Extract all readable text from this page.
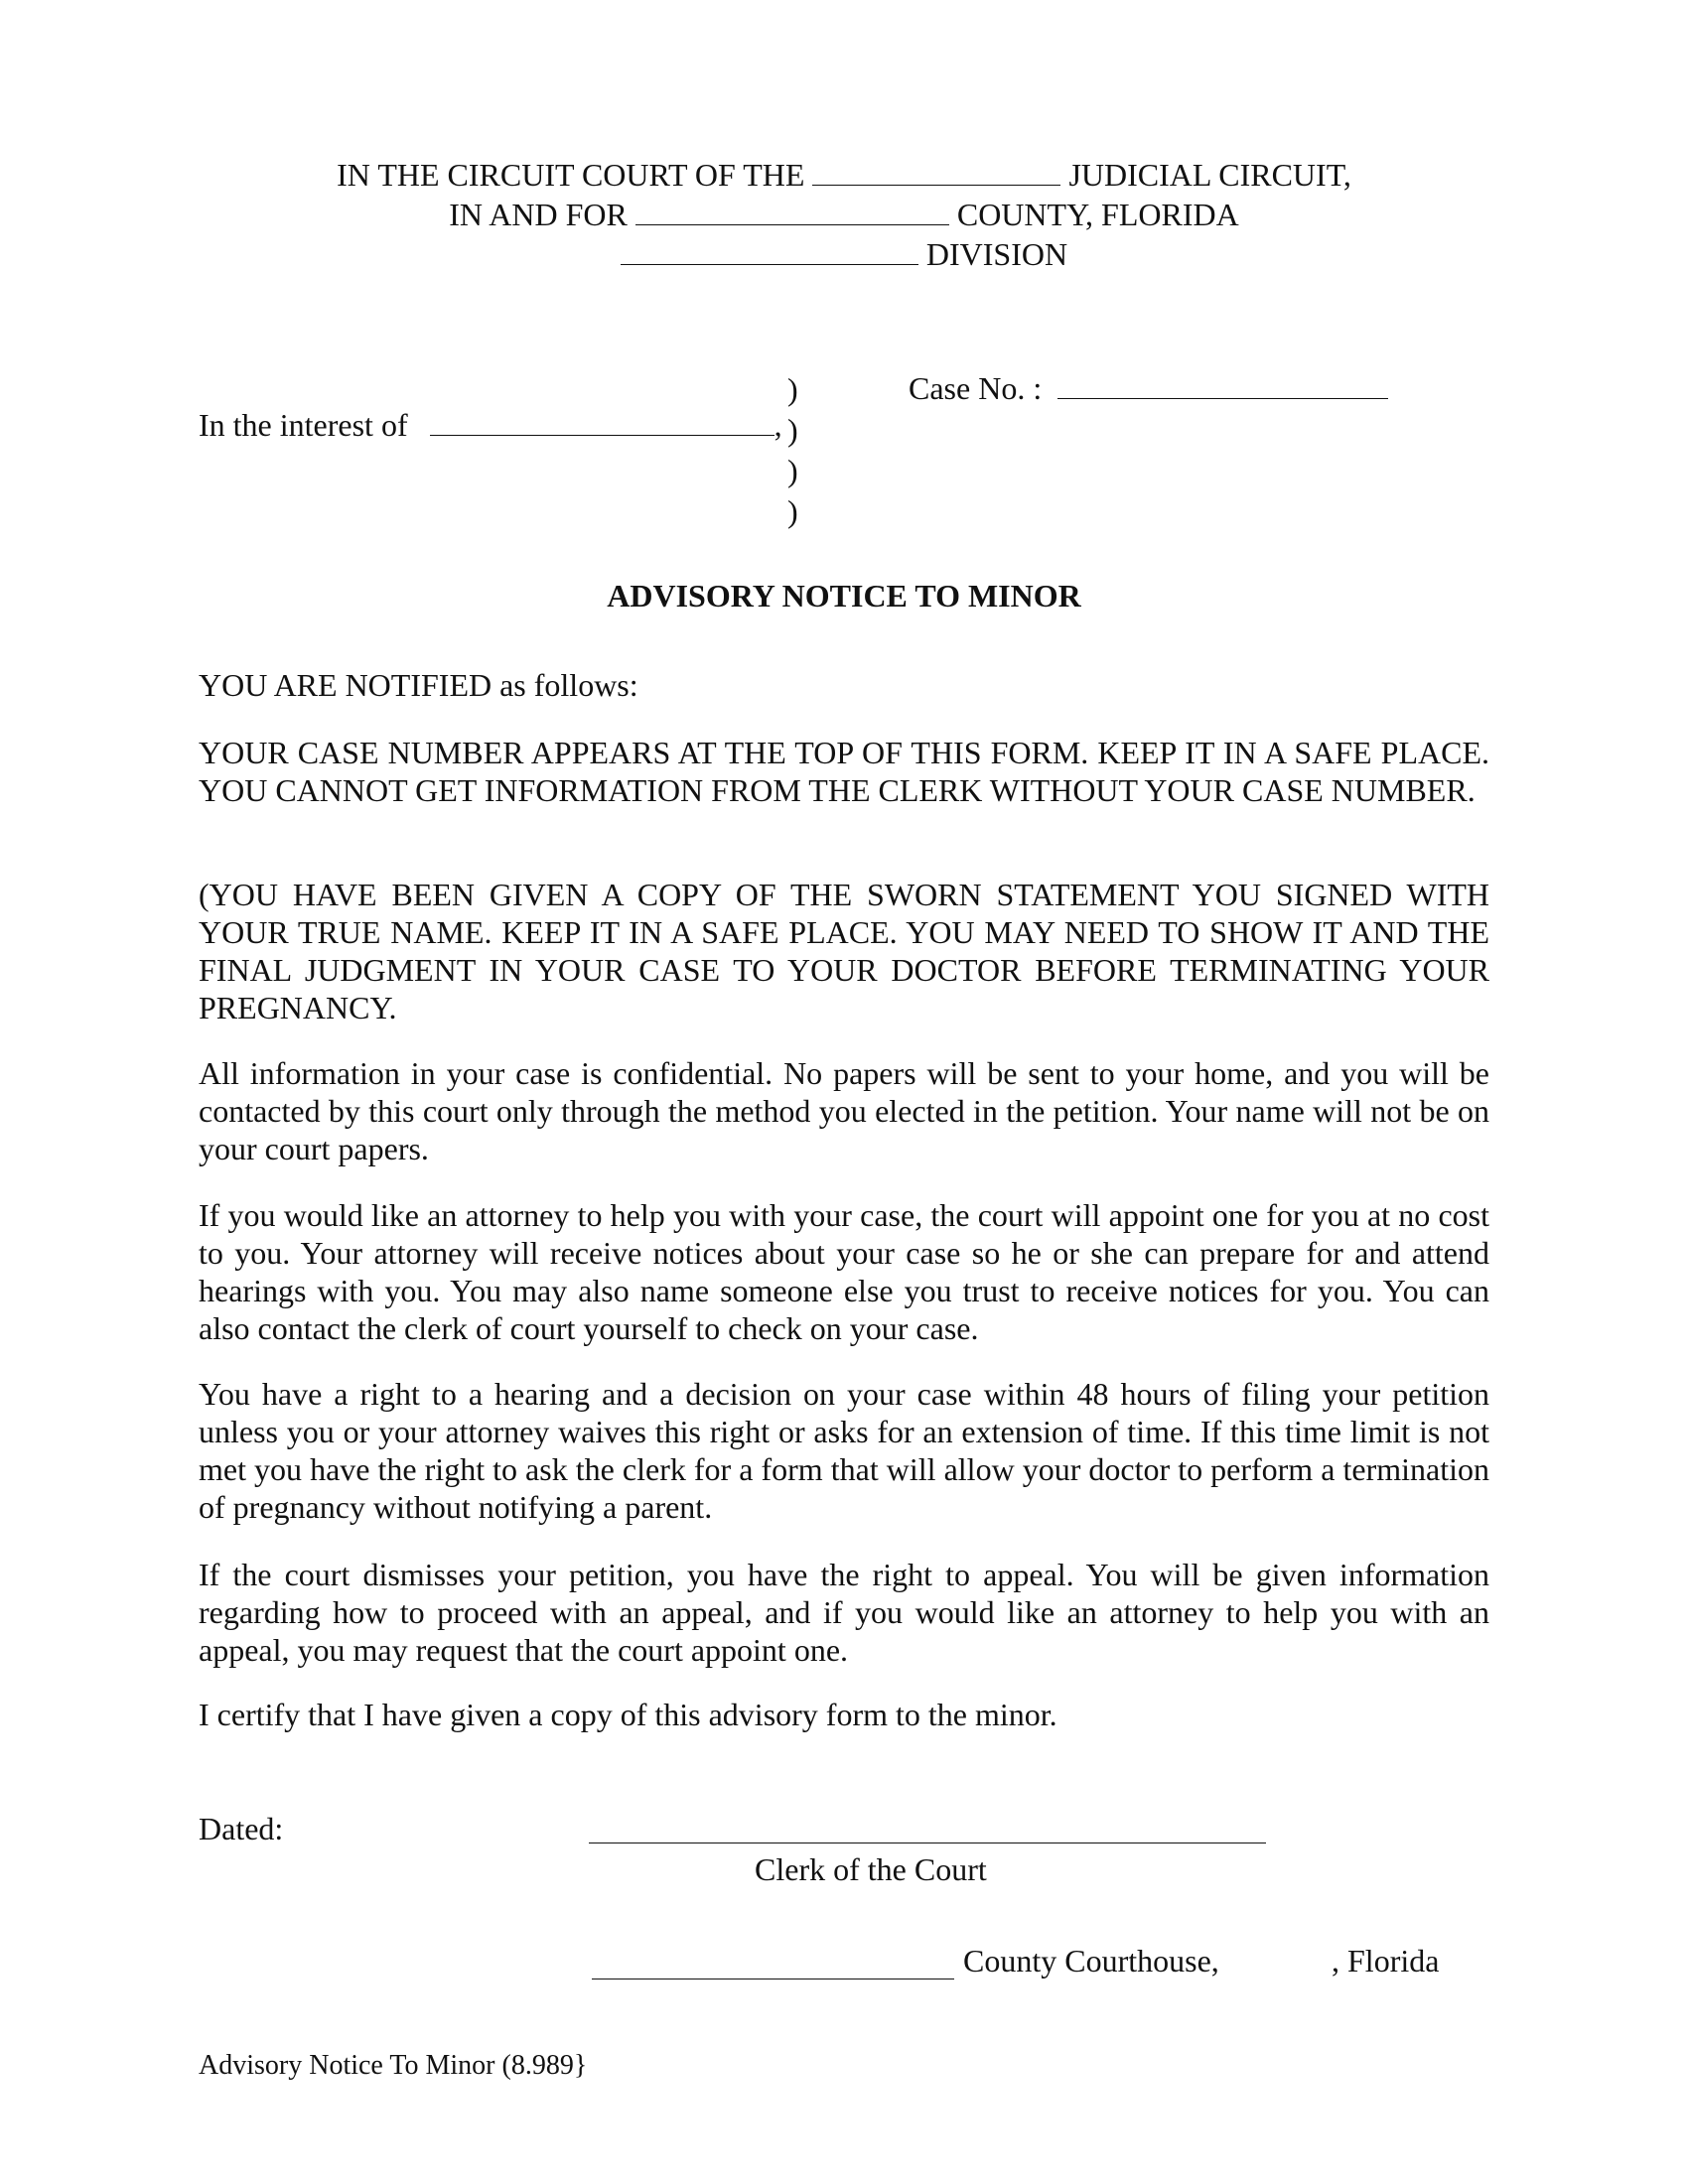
IN THE CIRCUIT COURT OF THE	JUDICIAL CIRCUIT,
IN AND FOR	COUNTY, FLORIDA
DIVISION
In the interest of	,
)
)
)
)
Case No. :
ADVISORY NOTICE TO MINOR
YOU ARE NOTIFIED as follows:
YOUR CASE NUMBER APPEARS AT THE TOP OF THIS FORM. KEEP IT IN A SAFE PLACE. YOU CANNOT GET INFORMATION FROM THE CLERK WITHOUT YOUR CASE NUMBER.
(YOU HAVE BEEN GIVEN A COPY OF THE SWORN STATEMENT YOU SIGNED WITH YOUR TRUE NAME. KEEP IT IN A SAFE PLACE. YOU MAY NEED TO SHOW IT AND THE FINAL JUDGMENT IN YOUR CASE TO YOUR DOCTOR BEFORE TERMINATING YOUR PREGNANCY.
All information in your case is confidential. No papers will be sent to your home, and you will be contacted by this court only through the method you elected in the petition. Your name will not be on your court papers.
If you would like an attorney to help you with your case, the court will appoint one for you at no cost to you. Your attorney will receive notices about your case so he or she can prepare for and attend hearings with you. You may also name someone else you trust to receive notices for you. You can also contact the clerk of court yourself to check on your case.
You have a right to a hearing and a decision on your case within 48 hours of filing your petition unless you or your attorney waives this right or asks for an extension of time. If this time limit is not met you have the right to ask the clerk for a form that will allow your doctor to perform a termination of pregnancy without notifying a parent.
If the court dismisses your petition, you have the right to appeal. You will be given information regarding how to proceed with an appeal, and if you would like an attorney to help you with an appeal, you may request that the court appoint one.
I certify that I have given a copy of this advisory form to the minor.
Dated:
Clerk of the Court
County Courthouse,	, Florida
Advisory Notice To Minor (8.989}
